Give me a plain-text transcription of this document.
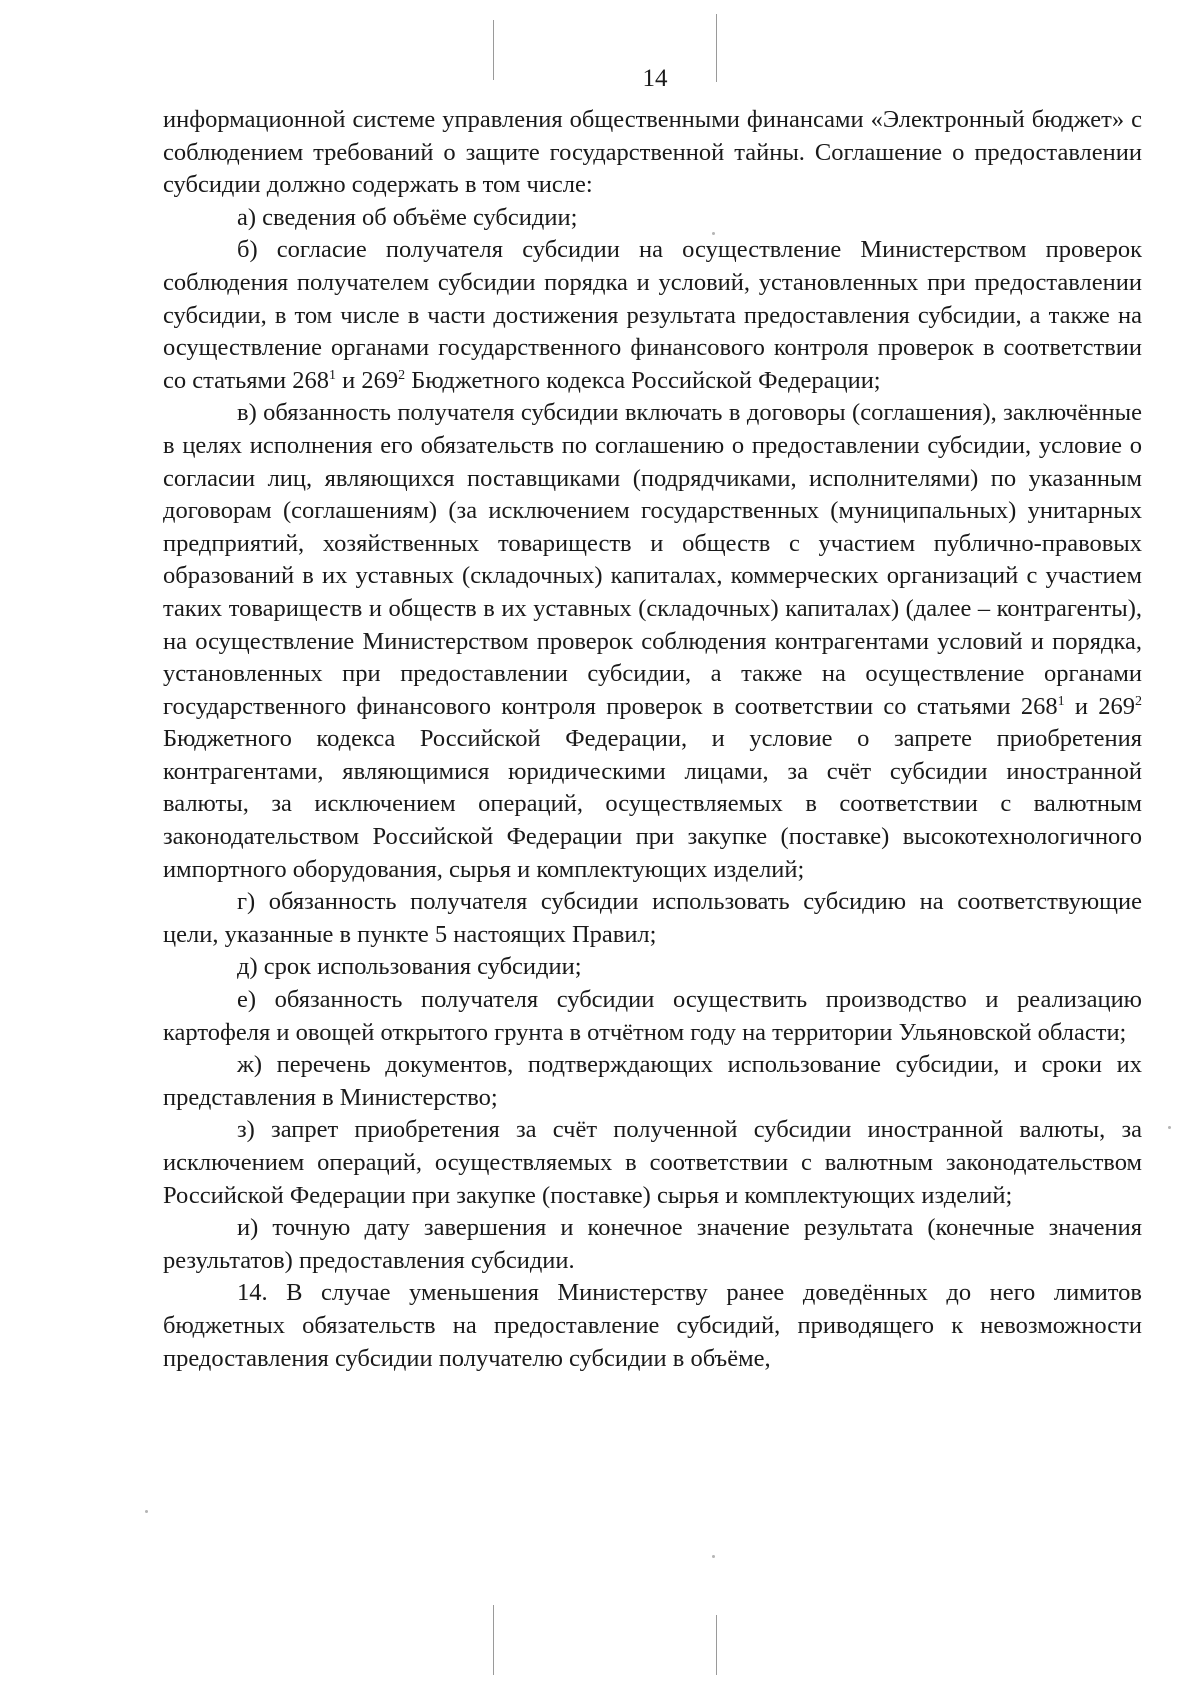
14

информационной системе управления общественными финансами «Электронный бюджет» с соблюдением требований о защите государственной тайны. Соглашение о предоставлении субсидии должно содержать в том числе:

а) сведения об объёме субсидии;

б) согласие получателя субсидии на осуществление Министерством проверок соблюдения получателем субсидии порядка и условий, установленных при предоставлении субсидии, в том числе в части достижения результата предоставления субсидии, а также на осуществление органами государственного финансового контроля проверок в соответствии со статьями $268^1$ и $269^2$ Бюджетного кодекса Российской Федерации;

в) обязанность получателя субсидии включать в договоры (соглашения), заключённые в целях исполнения его обязательств по соглашению о предоставлении субсидии, условие о согласии лиц, являющихся поставщиками (подрядчиками, исполнителями) по указанным договорам (соглашениям) (за исключением государственных (муниципальных) унитарных предприятий, хозяйственных товариществ и обществ с участием публично-правовых образований в их уставных (складочных) капиталах, коммерческих организаций с участием таких товариществ и обществ в их уставных (складочных) капиталах) (далее – контрагенты), на осуществление Министерством проверок соблюдения контрагентами условий и порядка, установленных при предоставлении субсидии, а также на осуществление органами государственного финансового контроля проверок в соответствии со статьями $268^1$ и $269^2$ Бюджетного кодекса Российской Федерации, и условие о запрете приобретения контрагентами, являющимися юридическими лицами, за счёт субсидии иностранной валюты, за исключением операций, осуществляемых в соответствии с валютным законодательством Российской Федерации при закупке (поставке) высокотехнологичного импортного оборудования, сырья и комплектующих изделий;

г) обязанность получателя субсидии использовать субсидию на соответствующие цели, указанные в пункте 5 настоящих Правил;

д) срок использования субсидии;

е) обязанность получателя субсидии осуществить производство и реализацию картофеля и овощей открытого грунта в отчётном году на территории Ульяновской области;

ж) перечень документов, подтверждающих использование субсидии, и сроки их представления в Министерство;

з) запрет приобретения за счёт полученной субсидии иностранной валюты, за исключением операций, осуществляемых в соответствии с валютным законодательством Российской Федерации при закупке (поставке) сырья и комплектующих изделий;

и) точную дату завершения и конечное значение результата (конечные значения результатов) предоставления субсидии.

14. В случае уменьшения Министерству ранее доведённых до него лимитов бюджетных обязательств на предоставление субсидий, приводящего к невозможности предоставления субсидии получателю субсидии в объёме,
